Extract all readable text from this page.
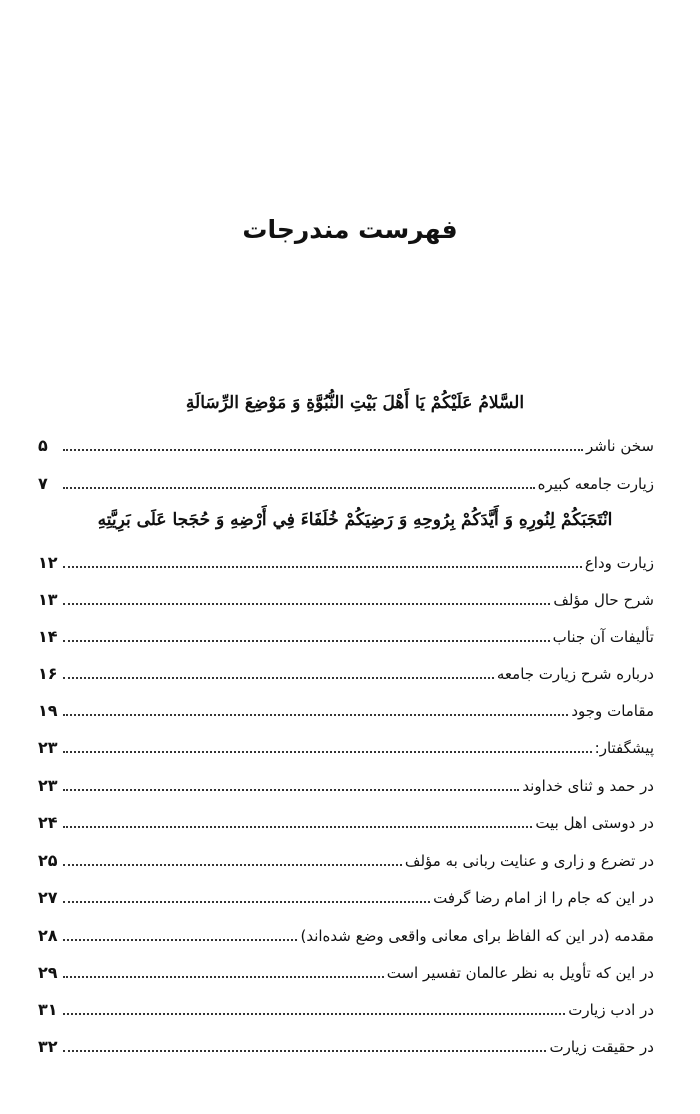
فهرست مندرجات
السَّلامُ عَلَيْكُمْ يَا أَهْلَ بَيْتِ النُّبُوَّةِ وَ مَوْضِعَ الرِّسَالَةِ
سخن ناشر
۵
زیارت جامعه کبیره
۷
انْتَجَبَكُمْ لِنُورِهِ وَ أَيَّدَكُمْ بِرُوحِهِ وَ رَضِيَكُمْ خُلَفَاءَ فِي أَرْضِهِ وَ حُجَجا عَلَى بَرِيَّتِهِ
زیارت وداع
۱۲
شرح حال مؤلف
۱۳
تألیفات آن جناب
۱۴
درباره شرح زیارت جامعه
۱۶
مقامات وجود
۱۹
پیشگفتار:
۲۳
در حمد و ثنای خداوند
۲۳
در دوستی اهل بیت
۲۴
در تضرع و زاری و عنایت ربانی به مؤلف
۲۵
در این که جام را از امام رضا گرفت
۲۷
مقدمه (در این که الفاظ برای معانی واقعی وضع شده‌اند)
۲۸
در این که تأویل به نظر عالمان تفسیر است
۲۹
در ادب زیارت
۳۱
در حقیقت زیارت
۳۲
